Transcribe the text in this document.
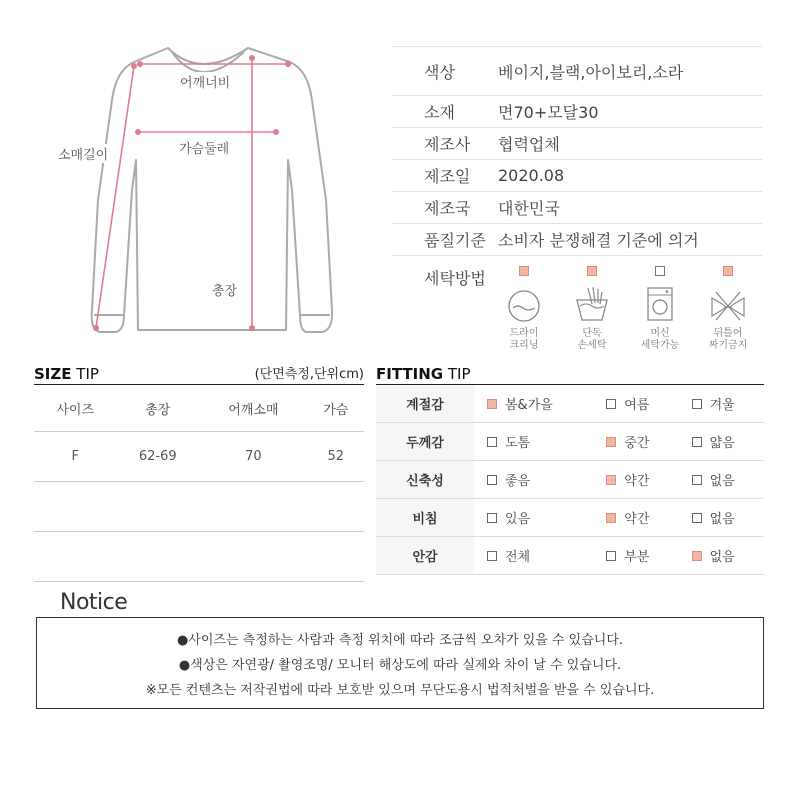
어깨너비
가슴둘레
소매길이
총장
색상	베이지,블랙,아이보리,소라
소재	면70+모달30
제조사	협력업체
제조일	2020.08
제조국	대한민국
품질기준 소비자 분쟁해결 기준에 의거
세탁방법
드라이
크리닝
단독
손세탁
머신
세탁가능
뒤틀어
짜기금지
SIZE TIP	(단면측정,단위cm)
사이즈	총장	어깨소매	가슴
F	62-69	70	52

FITTING TIP
계절감	봄&가을	여름	겨울

두께감	도톰	중간	얇음

신축성	좋음	약간	없음

비침	있음	약간	없음

안감	전체	부분	없음
Notice
●사이즈는 측정하는 사람과 측정 위치에 따라 조금씩 오차가 있을 수 있습니다.
●색상은 자연광/ 촬영조명/ 모니터 해상도에 따라 실제와 차이 날 수 있습니다.
※모든 컨텐츠는 저작권법에 따라 보호받 있으며 무단도용시 법적처벌을 받을 수 있습니다.
